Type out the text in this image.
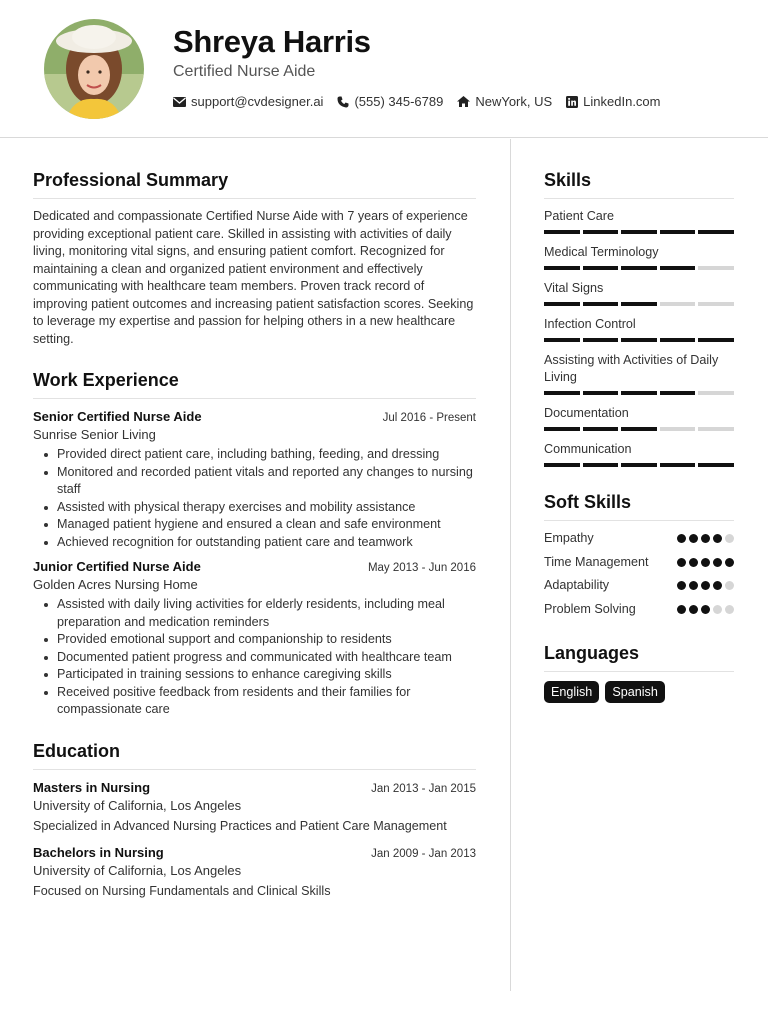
Shreya Harris
Certified Nurse Aide
support@cvdesigner.ai (555) 345-6789 NewYork, US LinkedIn.com
Professional Summary

Dedicated and compassionate Certified Nurse Aide with 7 years of experience providing exceptional patient care. Skilled in assisting with activities of daily living, monitoring vital signs, and ensuring patient comfort. Recognized for maintaining a clean and organized patient environment and effectively communicating with healthcare team members. Proven track record of improving patient outcomes and increasing patient satisfaction scores. Seeking to leverage my expertise and passion for helping others in a new healthcare setting.

Work Experience
Senior Certified Nurse Aide	Jul 2016 - Present
Sunrise Senior Living
Provided direct patient care, including bathing, feeding, and dressing
Monitored and recorded patient vitals and reported any changes to nursing staff
Assisted with physical therapy exercises and mobility assistance
Managed patient hygiene and ensured a clean and safe environment
Achieved recognition for outstanding patient care and teamwork
Junior Certified Nurse Aide	May 2013 - Jun 2016
Golden Acres Nursing Home
Assisted with daily living activities for elderly residents, including meal preparation and medication reminders
Provided emotional support and companionship to residents
Documented patient progress and communicated with healthcare team
Participated in training sessions to enhance caregiving skills
Received positive feedback from residents and their families for compassionate care
Education
Masters in Nursing	Jan 2013 - Jan 2015
University of California, Los Angeles
Specialized in Advanced Nursing Practices and Patient Care Management
Bachelors in Nursing	Jan 2009 - Jan 2013
University of California, Los Angeles
Focused on Nursing Fundamentals and Clinical Skills
Skills
Patient Care
Medical Terminology
Vital Signs
Infection Control
Assisting with Activities of Daily Living
Documentation
Communication
Soft Skills
Empathy
Time Management
Adaptability
Problem Solving
Languages
English	Spanish
